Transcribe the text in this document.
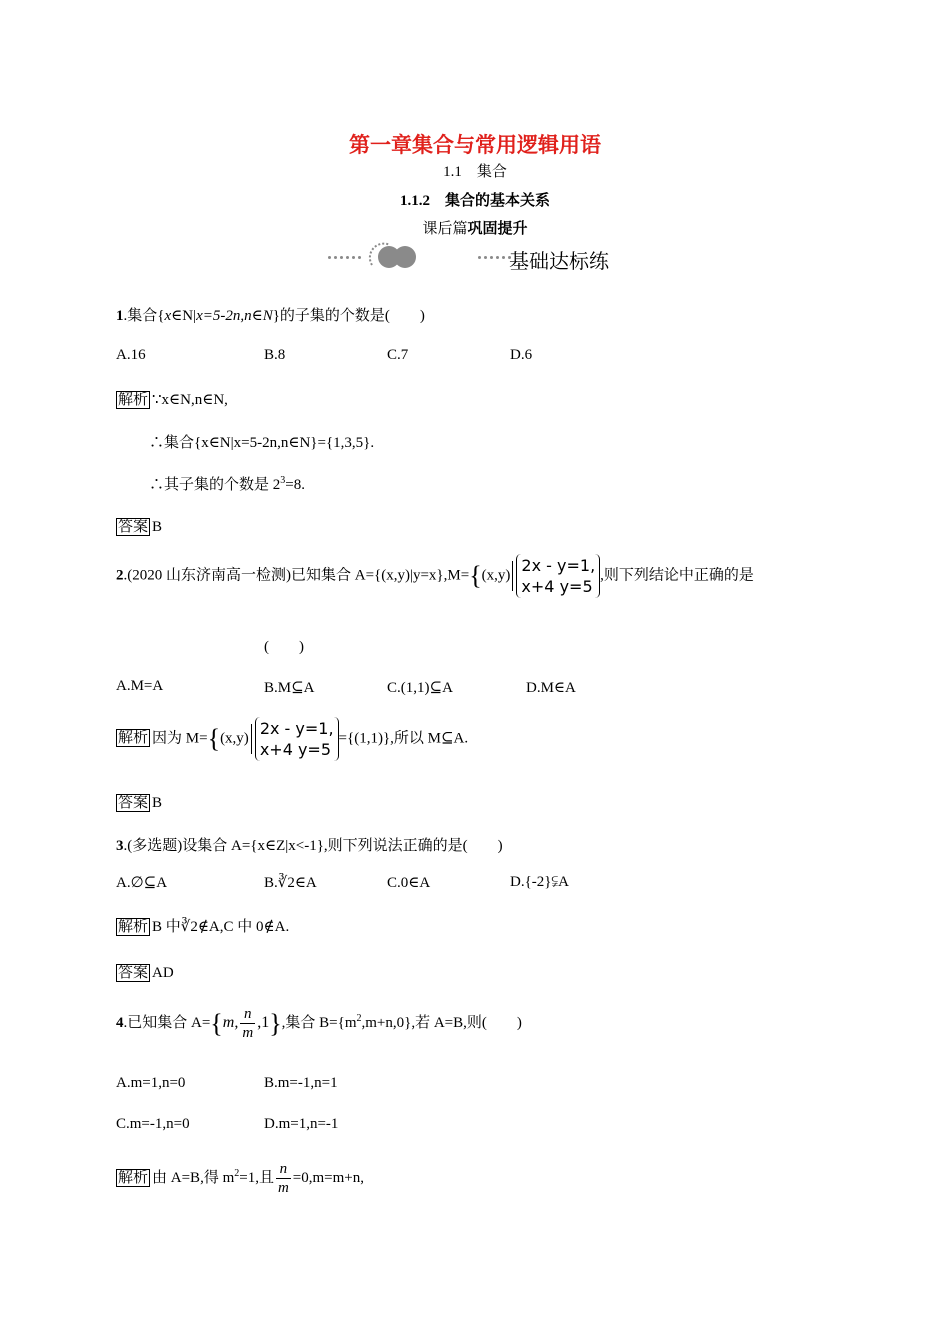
第一章集合与常用逻辑用语
1.1　集合
1.1.2　集合的基本关系
课后篇巩固提升
基础达标练
1.集合{x∈N|x=5-2n,n∈N}的子集的个数是(　　)
A.16	B.8	C.7	D.6
解析 ∵x∈N,n∈N,
∴集合{x∈N|x=5-2n,n∈N}={1,3,5}.
∴其子集的个数是 $2^3=8$.
答案 B
2.(2020 山东济南高一检测)已知集合 A={(x,y)|y=x},M={(x,y)
2x - y=1,
x+4 y=5
,则下列结论中正确的是
(　　)
A.M=A	B.M⊆A	C.(1,1)⊆A	D.M∈A
解析 因为 M={(x,y)
2x - y=1,
x+4 y=5
={(1,1)},所以 M⊆A.
答案 B
3.(多选题)设集合 A={x∈Z|x<-1},则下列说法正确的是(　　)
A.∅⊆A	B.∛2∈A	C.0∈A	D.{-2}⫋A
解析 B 中∛2∉A,C 中 0∉A.
答案 AD
4.已知集合 A={m, $\frac{n}{m} ,1$},集合 $B=\{m^2,m+n,0\}$,若 A=B,则(　　)
A.m=1,n=0	B.m=-1,n=1
C.m=-1,n=0	D.m=1,n=-1
解析 由 A=B,得 $m^2=1$,且 $\frac{n}{m} =0,m=m+n$,
